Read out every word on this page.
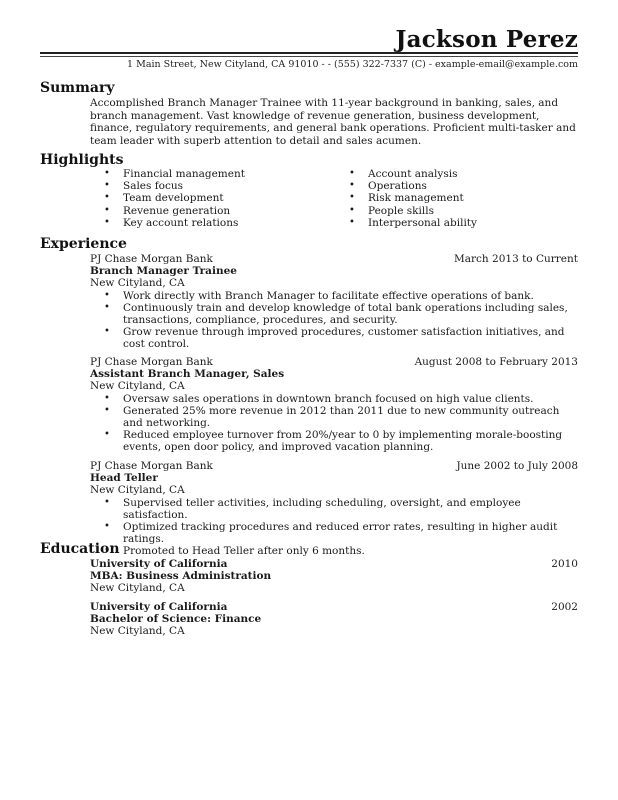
Jackson Perez
1 Main Street, New Cityland, CA 91010 - - (555) 322-7337 (C) - example-email@example.com
Summary

Accomplished Branch Manager Trainee with 11-year background in banking, sales, and branch management. Vast knowledge of revenue generation, business development, finance, regulatory requirements, and general bank operations. Proficient multi-tasker and team leader with superb attention to detail and sales acumen.

Highlights
• Financial management
• Sales focus
• Team development
• Revenue generation
• Key account relations
• Account analysis
• Operations
• Risk management
• People skills
• Interpersonal ability
Experience
PJ Chase Morgan Bank	March 2013 to Current
Branch Manager Trainee
New Cityland, CA
• Work directly with Branch Manager to facilitate effective operations of bank.
• Continuously train and develop knowledge of total bank operations including sales, transactions, compliance, procedures, and security.
• Grow revenue through improved procedures, customer satisfaction initiatives, and cost control.
PJ Chase Morgan Bank	August 2008 to February 2013
Assistant Branch Manager, Sales
New Cityland, CA
• Oversaw sales operations in downtown branch focused on high value clients.
• Generated 25% more revenue in 2012 than 2011 due to new community outreach and networking.
• Reduced employee turnover from 20%/year to 0 by implementing morale-boosting events, open door policy, and improved vacation planning.
PJ Chase Morgan Bank	June 2002 to July 2008
Head Teller
New Cityland, CA
• Supervised teller activities, including scheduling, oversight, and employee satisfaction.
• Optimized tracking procedures and reduced error rates, resulting in higher audit ratings.
• Promoted to Head Teller after only 6 months.
Education
University of California	2010
MBA: Business Administration
New Cityland, CA
University of California	2002
Bachelor of Science: Finance
New Cityland, CA
